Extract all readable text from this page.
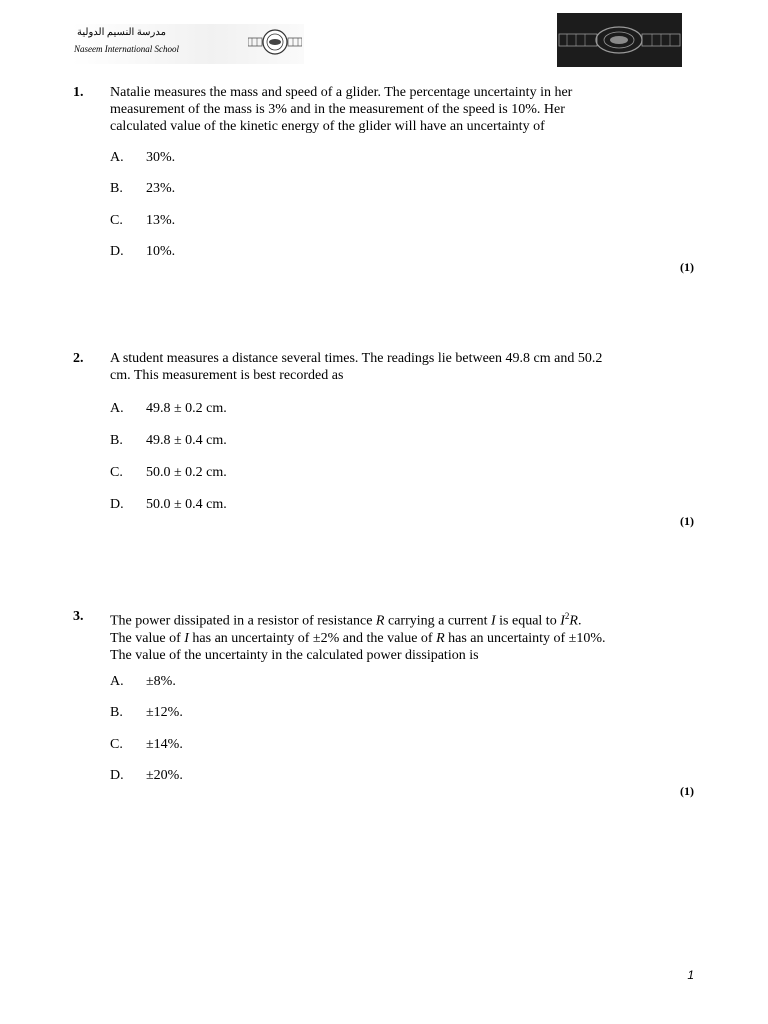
مدرسة النسيم الدولية
Naseem International School
1. Natalie measures the mass and speed of a glider. The percentage uncertainty in her
measurement of the mass is 3% and in the measurement of the speed is 10%. Her
calculated value of the kinetic energy of the glider will have an uncertainty of
A. 30%.
B. 23%.
C. 13%.
D. 10%.
(1)
2. A student measures a distance several times. The readings lie between 49.8 cm and 50.2
cm. This measurement is best recorded as
A. 49.8 ± 0.2 cm.
B. 49.8 ± 0.4 cm.
C. 50.0 ± 0.2 cm.
D. 50.0 ± 0.4 cm.
(1)
3. The power dissipated in a resistor of resistance R carrying a current I is equal to $I^2R$.
The value of I has an uncertainty of ±2% and the value of R has an uncertainty of ±10%.
The value of the uncertainty in the calculated power dissipation is
A. ±8%.
B. ±12%.
C. ±14%.
D. ±20%.
(1)
1
